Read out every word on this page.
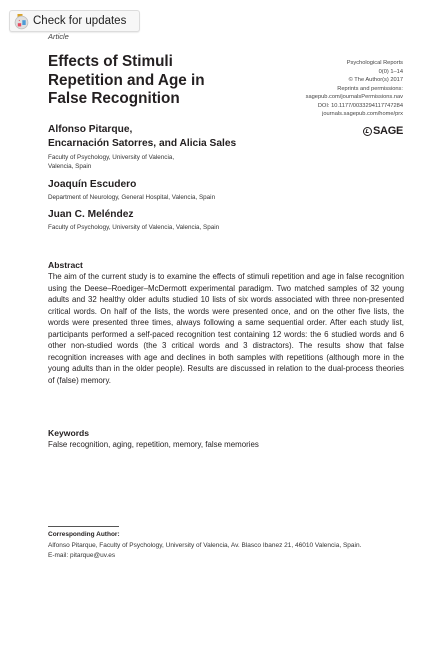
Check for updates
Article
Effects of Stimuli Repetition and Age in False Recognition
Psychological Reports
0(0) 1–14
© The Author(s) 2017
Reprints and permissions:
sagepub.com/journalsPermissions.nav
DOI: 10.1177/0033294117747284
journals.sagepub.com/home/prx
SAGE
Alfonso Pitarque,
Encarnación Satorres, and Alicia Sales
Faculty of Psychology, University of Valencia,
Valencia, Spain
Joaquín Escudero
Department of Neurology, General Hospital, Valencia, Spain
Juan C. Meléndez
Faculty of Psychology, University of Valencia, Valencia, Spain
Abstract

The aim of the current study is to examine the effects of stimuli repetition and age in false recognition using the Deese–Roediger–McDermott experimental paradigm. Two matched samples of 32 young adults and 32 healthy older adults studied 10 lists of six words associated with three non-presented critical words. On half of the lists, the words were presented once, and on the other five lists, the words were presented three times, always following a same sequential order. After each study list, participants performed a self-paced recognition test containing 12 words: the 6 studied words and 6 other non-studied words (the 3 critical words and 3 distractors). The results show that false recognition increases with age and declines in both samples with repetitions (although more in the young adults than in the older people). Results are discussed in relation to the dual-process theories of (false) memory.

Keywords
False recognition, aging, repetition, memory, false memories
Corresponding Author:
Alfonso Pitarque, Faculty of Psychology, University of Valencia, Av. Blasco Ibanez 21, 46010 Valencia, Spain.
E-mail: pitarque@uv.es
